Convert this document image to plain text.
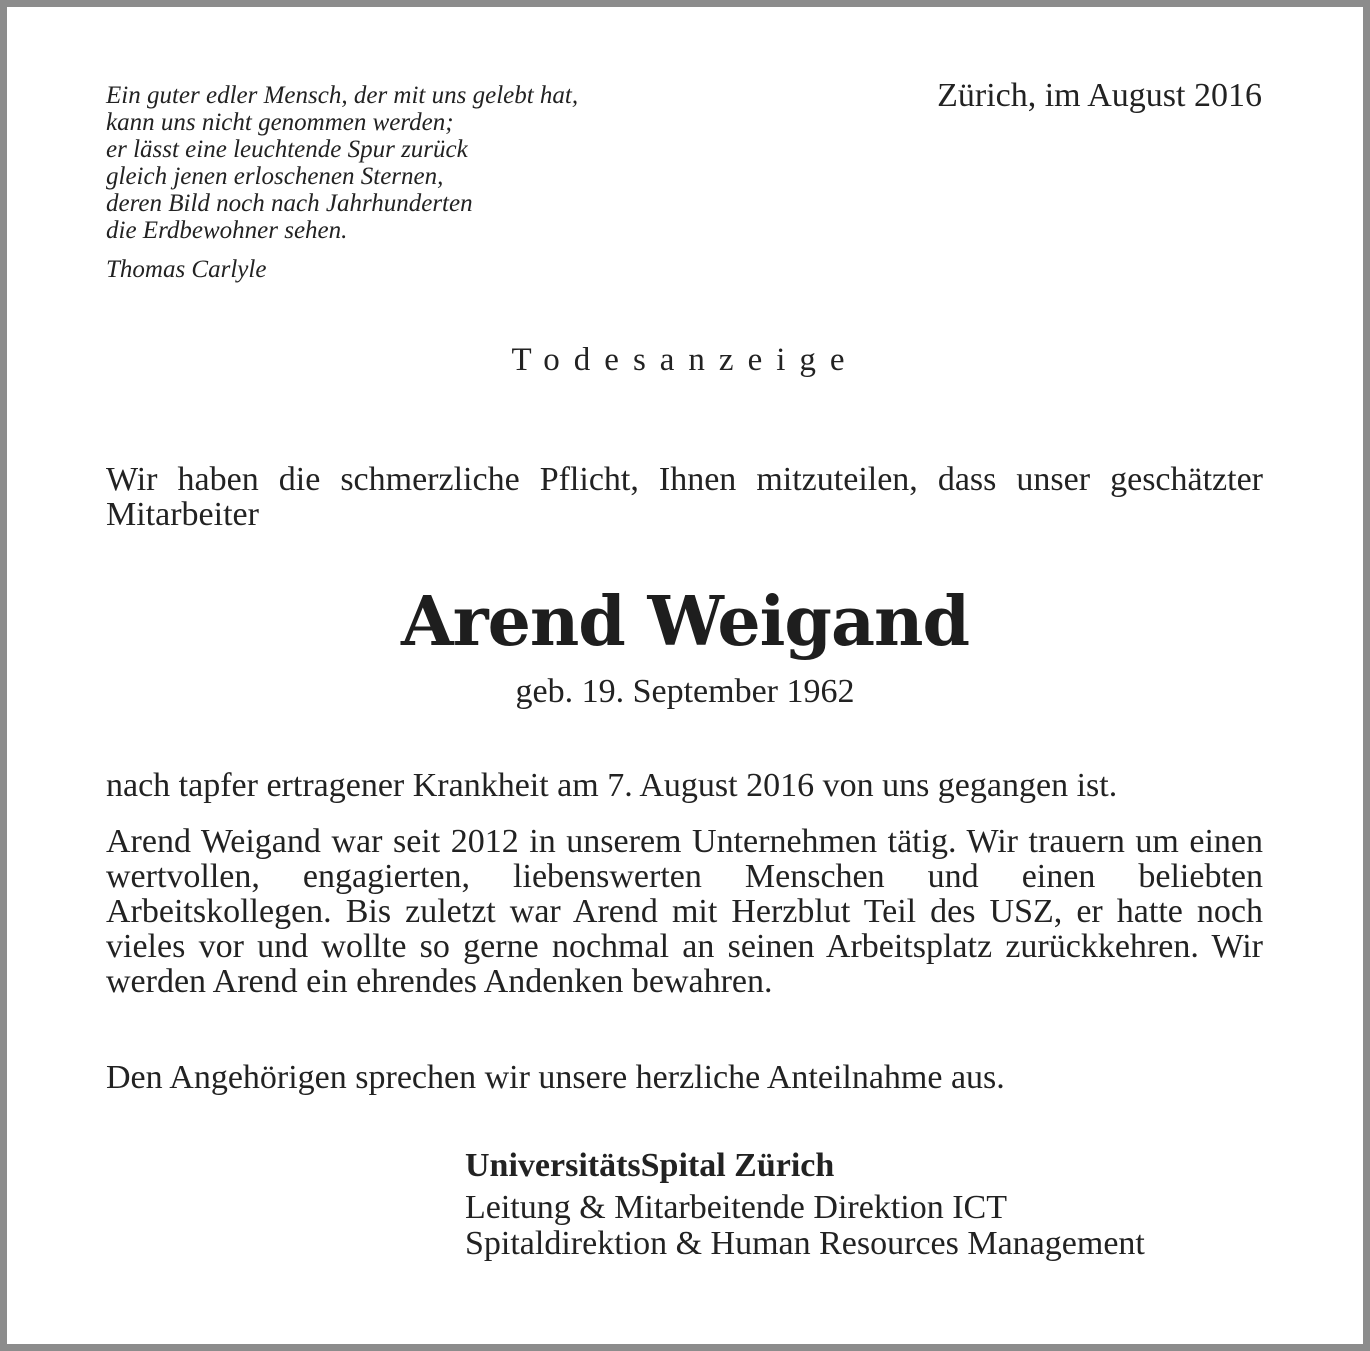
Ein guter edler Mensch, der mit uns gelebt hat,
kann uns nicht genommen werden;
er lässt eine leuchtende Spur zurück
gleich jenen erloschenen Sternen,
deren Bild noch nach Jahrhunderten
die Erdbewohner sehen.
Thomas Carlyle
Zürich, im August 2016
Todesanzeige
Wir haben die schmerzliche Pflicht, Ihnen mitzuteilen, dass unser geschätzter Mitarbeiter
Arend Weigand
geb. 19. September 1962
nach tapfer ertragener Krankheit am 7. August 2016 von uns gegangen ist.
Arend Weigand war seit 2012 in unserem Unternehmen tätig. Wir trauern um einen wertvollen, engagierten, liebenswerten Menschen und einen beliebten Arbeitskollegen. Bis zuletzt war Arend mit Herzblut Teil des USZ, er hatte noch vieles vor und wollte so gerne nochmal an seinen Arbeitsplatz zurückkehren. Wir werden Arend ein ehrendes Andenken bewahren.
Den Angehörigen sprechen wir unsere herzliche Anteilnahme aus.
UniversitätsSpital Zürich
Leitung & Mitarbeitende Direktion ICT
Spitaldirektion & Human Resources Management
